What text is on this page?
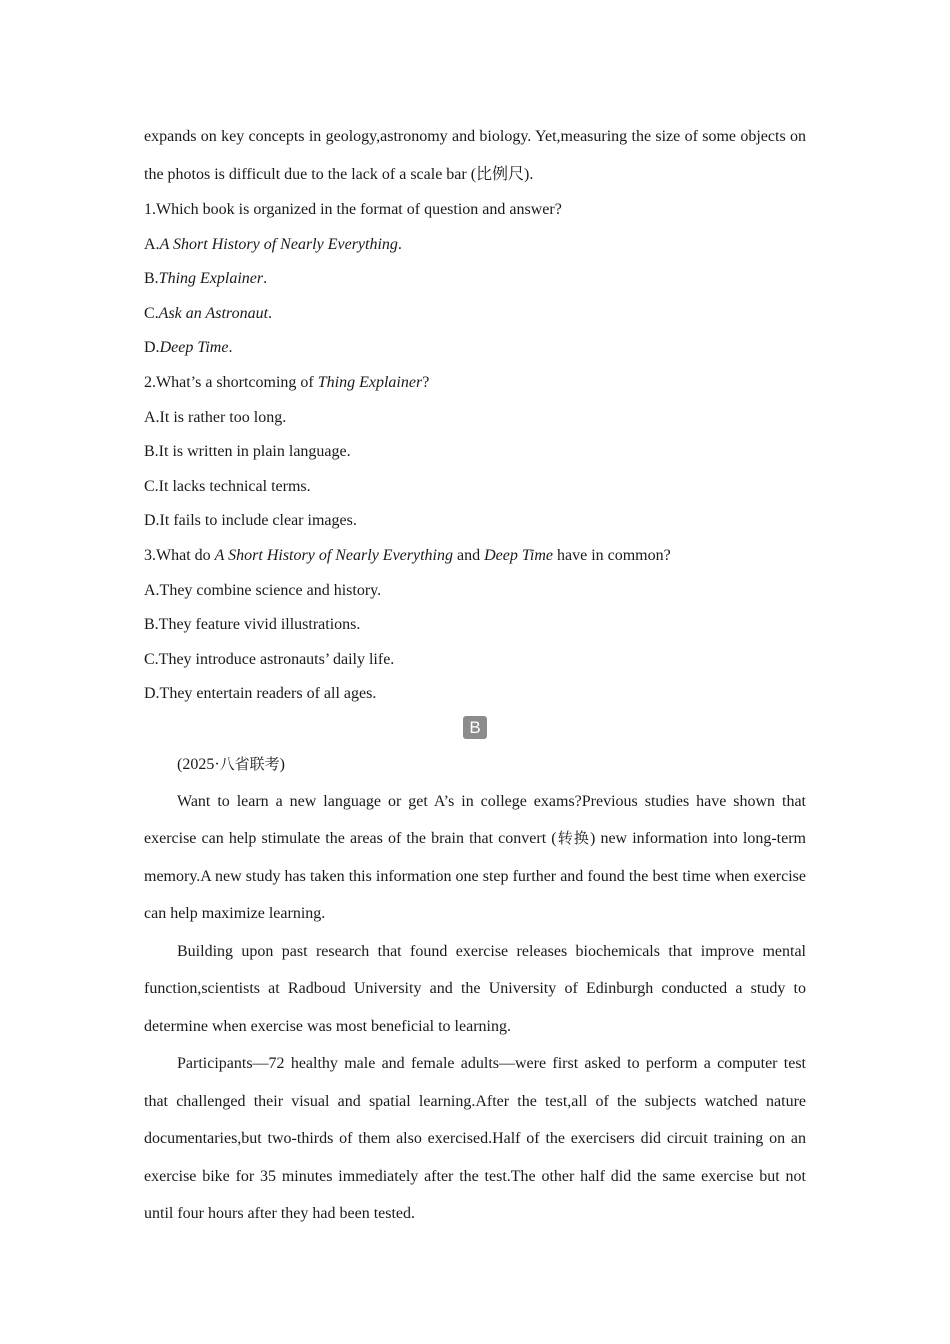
expands on key concepts in geology,astronomy and biology. Yet,measuring the size of some objects on the photos is difficult due to the lack of a scale bar (比例尺).

1.Which book is organized in the format of question and answer?

A.A Short History of Nearly Everything.

B.Thing Explainer.

C.Ask an Astronaut.

D.Deep Time.

2.What’s a shortcoming of Thing Explainer?

A.It is rather too long.

B.It is written in plain language.

C.It lacks technical terms.

D.It fails to include clear images.

3.What do A Short History of Nearly Everything and Deep Time have in common?

A.They combine science and history.

B.They feature vivid illustrations.

C.They introduce astronauts’ daily life.

D.They entertain readers of all ages.

B

(2025·八省联考)

Want to learn a new language or get A’s in college exams?Previous studies have shown that exercise can help stimulate the areas of the brain that convert (转换) new information into long-term memory.A new study has taken this information one step further and found the best time when exercise can help maximize learning.

Building upon past research that found exercise releases biochemicals that improve mental function,scientists at Radboud University and the University of Edinburgh conducted a study to determine when exercise was most beneficial to learning.

Participants—72 healthy male and female adults—were first asked to perform a computer test that challenged their visual and spatial learning.After the test,all of the subjects watched nature documentaries,but two-thirds of them also exercised.Half of the exercisers did circuit training on an exercise bike for 35 minutes immediately after the test.The other half did the same exercise but not until four hours after they had been tested.
